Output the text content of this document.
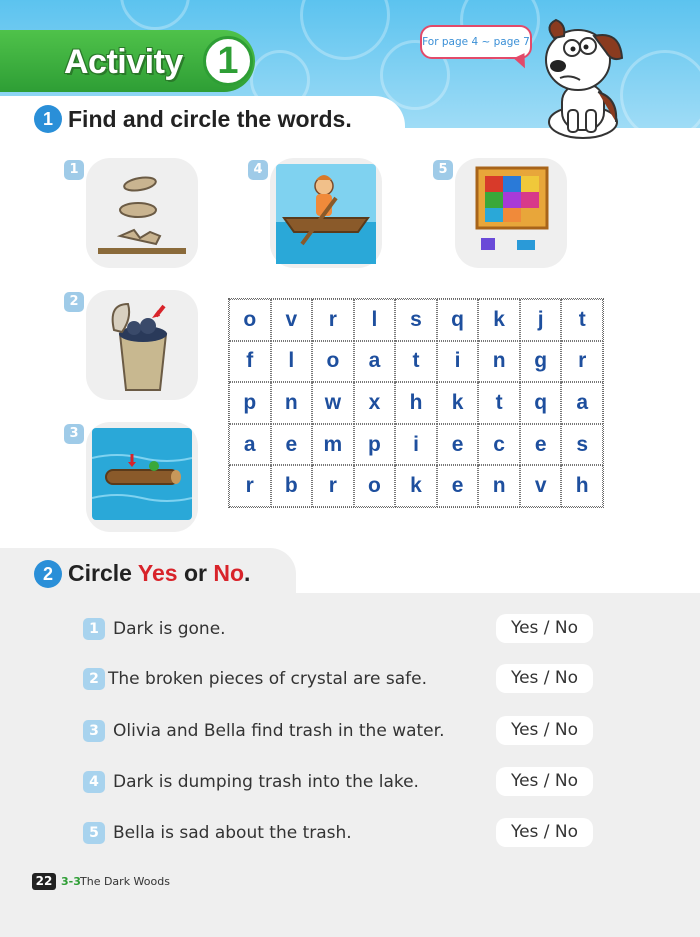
Activity 1	For page 4 ~ page 7
1 Find and circle the words.
1	4	5
2
3
o	v	r	l	s	q	k	j	t
f	l	o	a	t	i	n	g	r
p	n	w	x	h	k	t	q	a
a	e	m	p	i	e	c	e	s
r	b	r	o	k	e	n	v	h
2 Circle Yes or No.
1 Dark is gone.	Yes / No
2 The broken pieces of crystal are safe.	Yes / No
3 Olivia and Bella find trash in the water.	Yes / No
4 Dark is dumping trash into the lake.	Yes / No
5 Bella is sad about the trash.	Yes / No
22 3-3 The Dark Woods
